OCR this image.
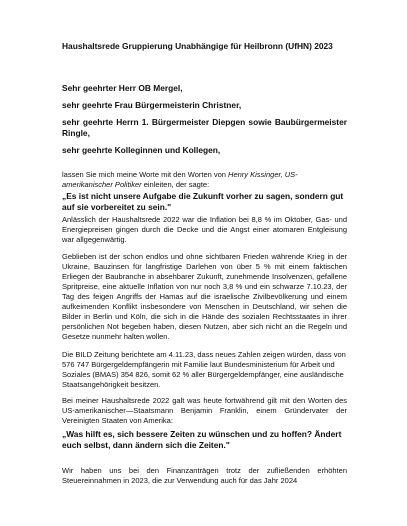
Haushaltsrede Gruppierung Unabhängige für Heilbronn (UfHN) 2023

Sehr geehrter Herr OB Mergel,

sehr geehrte Frau Bürgermeisterin Christner,

sehr geehrte Herrn 1. Bürgermeister Diepgen sowie Baubürgermeister Ringle,

sehr geehrte Kolleginnen und Kollegen,

lassen Sie mich meine Worte mit den Worten von Henry Kissinger, US-amerikanischer Politiker einleiten, der sagte:

„Es ist nicht unsere Aufgabe die Zukunft vorher zu sagen, sondern gut auf sie vorbereitet zu sein."

Anlässlich der Haushaltsrede 2022 war die Inflation bei 8,8 % im Oktober, Gas- und Energiepreisen gingen durch die Decke und die Angst einer atomaren Entgleisung war allgegenwärtig.

Geblieben ist der schon endlos und ohne sichtbaren Frieden währende Krieg in der Ukraine, Bauzinsen für langfristige Darlehen von über 5 % mit einem faktischen Erliegen der Baubranche in absehbarer Zukunft, zunehmende Insolvenzen, gefallene Spritpreise, eine aktuelle Inflation von nur noch 3,8 % und ein schwarze 7.10.23, der Tag des feigen Angriffs der Hamas auf die israelische Zivilbevölkerung und einem aufkeimenden Konflikt insbesondere von Menschen in Deutschland, wir sehen die Bilder in Berlin und Köln, die sich in die Hände des sozialen Rechtsstaates in ihrer persönlichen Not begeben haben, diesen Nutzen, aber sich nicht an die Regeln und Gesetze nunmehr halten wollen.

Die BILD Zeitung berichtete am 4.11.23, dass neues Zahlen zeigen würden, dass von 576 747 Bürgergeldempfängerin mit Familie laut Bundesministerium für Arbeit und Soziales (BMAS) 354 826, somit 62 % aller Bürgergeldempfänger, eine ausländische Staatsangehörigkeit besitzen.

Bei meiner Haushaltsrede 2022 galt was heute fortwährend gilt mit den Worten des US-amerikanischer—Staatsmann Benjamin Franklin, einem Gründervater der Vereinigten Staaten von Amerika:

„Was hilft es, sich bessere Zeiten zu wünschen und zu hoffen? Ändert euch selbst, dann ändern sich die Zeiten."

Wir haben uns bei den Finanzanträgen trotz der zufließenden erhöhten Steuereinnahmen in 2023, die zur Verwendung auch für das Jahr 2024
